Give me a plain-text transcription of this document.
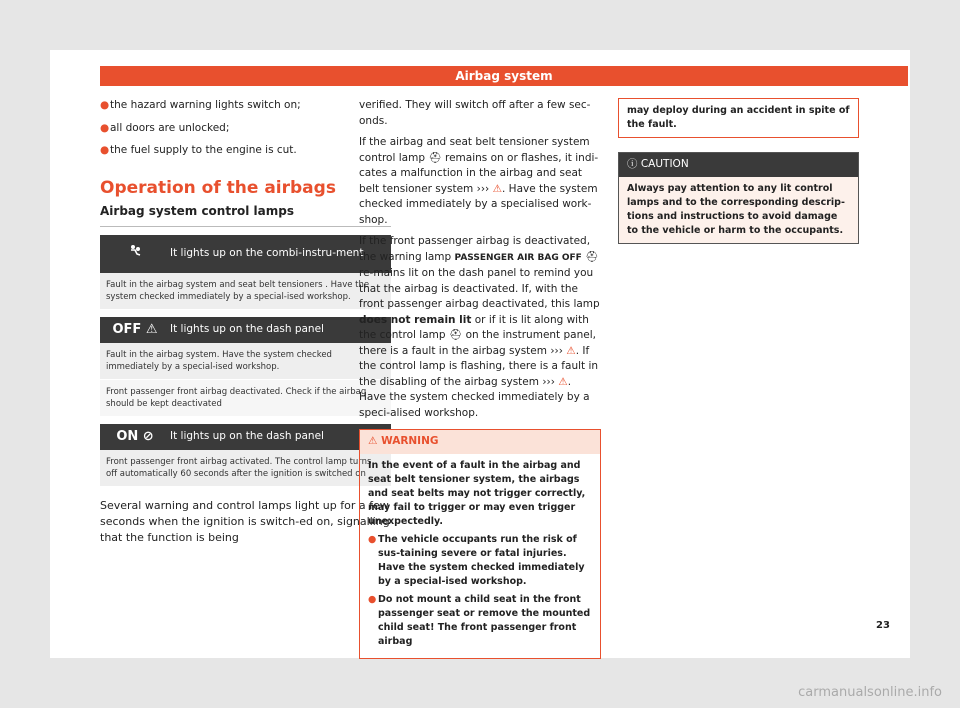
Airbag system
● the hazard warning lights switch on;
● all doors are unlocked;
● the fuel supply to the engine is cut.
Operation of the airbags
Airbag system control lamps
It lights up on the combi-instru-ment
Fault in the airbag system and seat belt tensioners . Have the system checked immediately by a special-ised workshop.
OFF ⚠	It lights up on the dash panel
Fault in the airbag system. Have the system checked immediately by a special-ised workshop.
Front passenger front airbag deactivated. Check if the airbag should be kept deactivated
ON ⊘	It lights up on the dash panel
Front passenger front airbag activated. The control lamp turns off automatically 60 seconds after the ignition is switched on

Several warning and control lamps light up for a few seconds when the ignition is switch-ed on, signalling that the function is being

verified. They will switch off after a few sec-onds.

If the airbag and seat belt tensioner system control lamp ⛑ remains on or flashes, it indi-cates a malfunction in the airbag and seat belt tensioner system ››› ⚠. Have the system checked immediately by a specialised work-shop.

If the front passenger airbag is deactivated, the warning lamp PASSENGER AIR BAG OFF ⛑ re-mains lit on the dash panel to remind you that the airbag is deactivated. If, with the front passenger airbag deactivated, this lamp does not remain lit or if it is lit along with the control lamp ⛑ on the instrument panel, there is a fault in the airbag system ››› ⚠. If the control lamp is flashing, there is a fault in the disabling of the airbag system ››› ⚠. Have the system checked immediately by a speci-alised workshop.

⚠ WARNING

In the event of a fault in the airbag and seat belt tensioner system, the airbags and seat belts may not trigger correctly, may fail to trigger or may even trigger unexpectedly.

● The vehicle occupants run the risk of sus-taining severe or fatal injuries. Have the system checked immediately by a special-ised workshop.
● Do not mount a child seat in the front passenger seat or remove the mounted child seat! The front passenger front airbag
may deploy during an accident in spite of the fault.
ⓘ CAUTION
Always pay attention to any lit control lamps and to the corresponding descrip-tions and instructions to avoid damage to the vehicle or harm to the occupants.
23
carmanualsonline.info
